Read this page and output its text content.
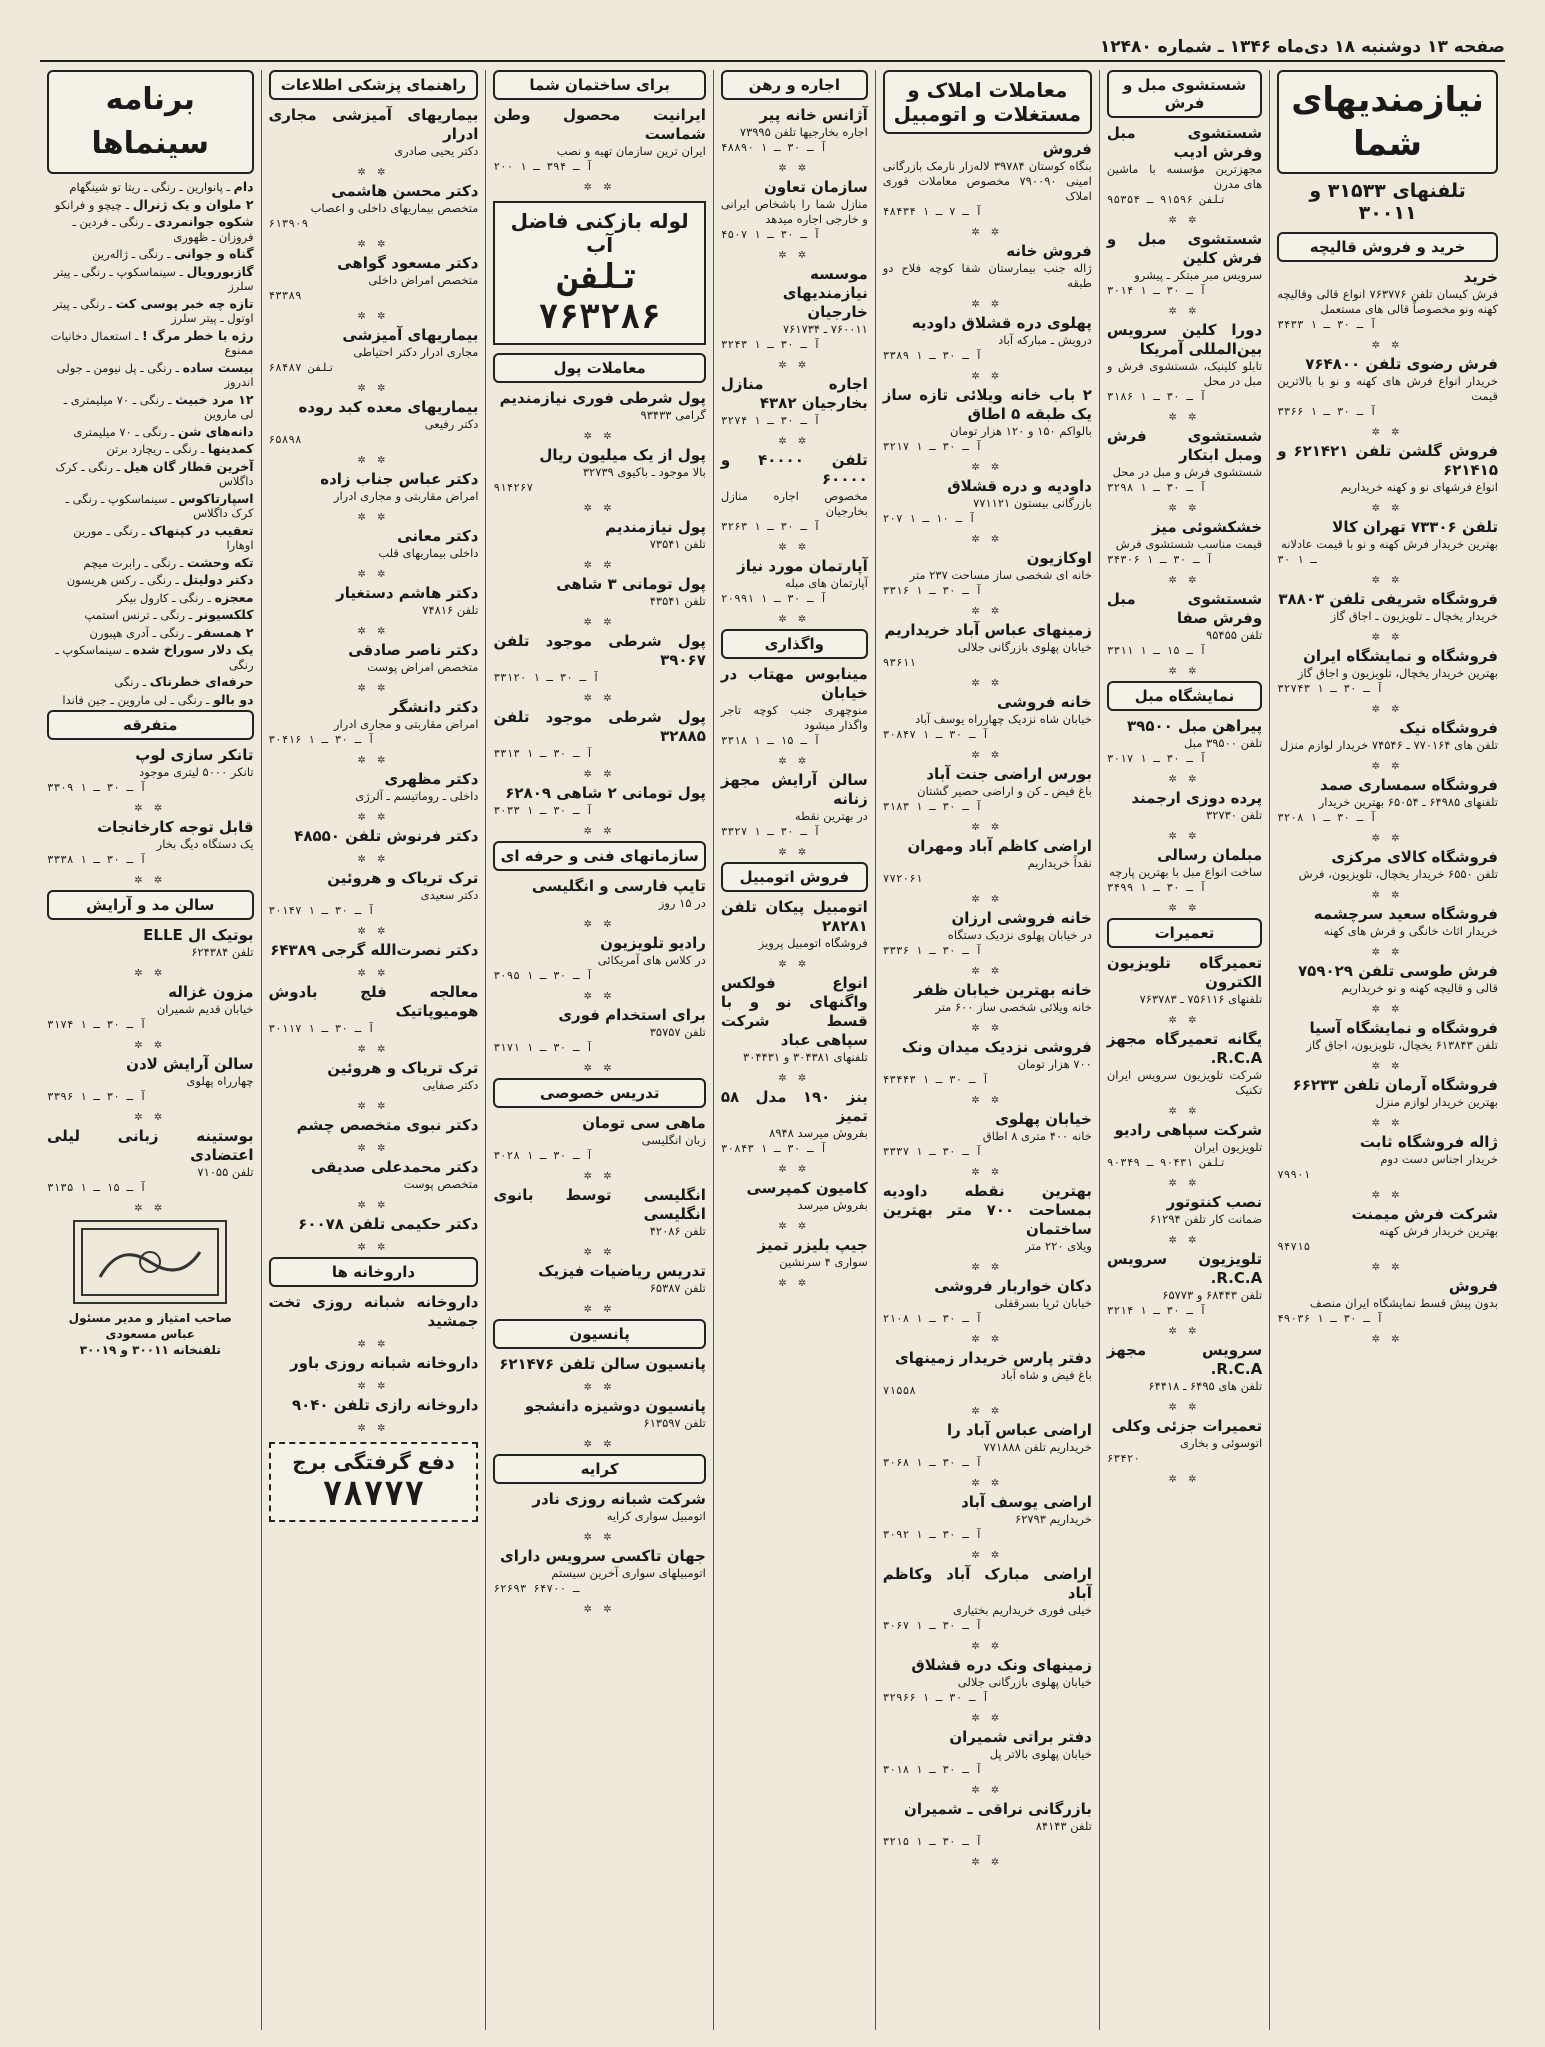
صفحه ۱۳ دوشنبه ۱۸ دی‌ماه ۱۳۴۶ ـ شماره ۱۲۴۸۰
نیازمندیهای شما
تلفنهای ۳۱۵۳۳ و ۳۰۰۱۱
خرید و فروش قالیچه
خرید
فرش کیسان تلفن ۷۶۳۷۷۶ انواع قالی وقالیچه کهنه ونو مخصوصاً قالی های مستعمل
۳۴۳۳ آ ـ ۳۰ ـ ۱
✲ ✲
فرش رضوی تلفن ۷۶۴۸۰۰
خریدار انواع فرش های کهنه و نو با بالاترین قیمت
۳۳۶۶ آ ـ ۳۰ ـ ۱
✲ ✲
فروش گلشن تلفن ۶۲۱۴۲۱ و ۶۲۱۴۱۵
انواع فرشهای نو و کهنه خریداریم
✲ ✲
تلفن ۷۳۳۰۶ تهران کالا
بهترین خریدار فرش کهنه و نو با قیمت عادلانه
۳۰ ـ ۱
✲ ✲
فروشگاه شریفی تلفن ۳۸۸۰۳
خریدار یخچال ـ تلویزیون ـ اجاق گاز
✲ ✲
فروشگاه و نمایشگاه ایران
بهترین خریدار یخچال، تلویزیون و اجاق گاز
۳۲۷۴۳ آ ـ ۳۰ ـ ۱
✲ ✲
فروشگاه نیک
تلفن های ۷۷۰۱۶۴ ـ ۷۴۵۴۶ خریدار لوازم منزل
✲ ✲
فروشگاه سمساری صمد
تلفنهای ۶۴۹۸۵ ـ ۶۵۰۵۴ بهترین خریدار
۳۲۰۸ آ ـ ۳۰ ـ ۱
✲ ✲
فروشگاه کالای مرکزی
تلفن ۶۵۵۰ خریدار یخچال، تلویزیون، فرش
✲ ✲
فروشگاه سعید سرچشمه
خریدار اثاث خانگی و فرش های کهنه
✲ ✲
فرش طوسی تلفن ۷۵۹۰۲۹
قالی و قالیچه کهنه و نو خریداریم
✲ ✲
فروشگاه و نمایشگاه آسیا
تلفن ۶۱۳۸۴۳ یخچال، تلویزیون، اجاق گاز
✲ ✲
فروشگاه آرمان تلفن ۶۶۲۳۳
بهترین خریدار لوازم منزل
✲ ✲
ژاله فروشگاه ثابت
خریدار اجناس دست دوم
۷۹۹۰۱
✲ ✲
شرکت فرش میمنت
بهترین خریدار فرش کهنه
۹۴۷۱۵
✲ ✲
فروش
بدون پیش قسط نمایشگاه ایران منصف
۴۹۰۳۶ آ ـ ۳۰ ـ ۱
✲ ✲
شستشوی مبل و فرش
شستشوی مبل وفرش ادیب
مجهزترین مؤسسه با ماشین های مدرن
تلفن ۹۱۵۹۶ ـ ۹۵۳۵۴
✲ ✲
شستشوی مبل و فرش کلین
سرویس مبر مبتکر ـ پیشرو
۳۰۱۴ آ ـ ۳۰ ـ ۱
✲ ✲
دورا کلین سرویس بین‌المللی آمریکا
تابلو کلینیک، شستشوی فرش و مبل در محل
۳۱۸۶ آ ـ ۳۰ ـ ۱
✲ ✲
شستشوی فرش ومبل ابتکار
شستشوی فرش و مبل در محل
۳۲۹۸ آ ـ ۳۰ ـ ۱
✲ ✲
خشکشوئی میز
قیمت مناسب شستشوی فرش
۳۴۳۰۶ آ ـ ۳۰ ـ ۱
✲ ✲
شستشوی مبل وفرش صفا
تلفن ۹۵۴۵۵
۳۳۱۱ آ ـ ۱۵ ـ ۱
✲ ✲
نمایشگاه مبل
پیراهن مبل ۳۹۵۰۰
تلفن ۳۹۵۰۰ مبل
۳۰۱۷ آ ـ ۳۰ ـ ۱
✲ ✲
پرده دوزی ارجمند
تلفن ۳۲۷۳۰
✲ ✲
مبلمان رسالی
ساخت انواع مبل با بهترین پارچه
۳۴۹۹ آ ـ ۳۰ ـ ۱
✲ ✲
تعمیرات
تعمیرگاه تلویزیون الکترون
تلفنهای ۷۵۶۱۱۶ ـ ۷۶۳۷۸۳
✲ ✲
یگانه تعمیرگاه مجهز R.C.A.
شرکت تلویزیون سرویس ایران تکنیک
✲ ✲
شرکت سپاهی رادیو
تلویزیون ایران
تلفن ۹۰۴۳۱ ـ ۹۰۳۴۹
✲ ✲
نصب کنتوتور
ضمانت کار تلفن ۶۱۲۹۴
✲ ✲
تلویزیون سرویس R.C.A.
تلفن ۶۸۴۴۳ و ۶۵۷۷۳
۳۲۱۴ آ ـ ۳۰ ـ ۱
✲ ✲
سرویس مجهز R.C.A.
تلفن های ۶۴۹۵ ـ ۶۴۴۱۸
✲ ✲
تعمیرات جزئی وکلی
اتوسوئی و بخاری
۶۳۴۲۰
✲ ✲
معاملات املاک و مستغلات و اتومبیل
فروش
بنگاه کوستان ۳۹۷۸۴ لاله‌زار نارمک بازرگانی امینی ۷۹۰۰۹۰ مخصوص معاملات فوری املاک
۴۸۴۳۴ آ ـ ۷ ـ ۱
✲ ✲
فروش خانه
ژاله جنب بیمارستان شفا کوچه فلاح دو طبقه
✲ ✲
پهلوی دره قشلاق داودیه
درویش ـ مبارکه آباد
۳۳۸۹ آ ـ ۳۰ ـ ۱
✲ ✲
۲ باب خانه ویلائی تازه ساز یک طبقه ۵ اطاق
بالواکم ۱۵۰ و ۱۲۰ هزار تومان
۳۲۱۷ آ ـ ۳۰ ـ ۱
✲ ✲
داودیه و دره قشلاق
بازرگانی بیستون ۷۷۱۱۲۱
۲۰۷ آ ـ ۱۰ ـ ۱
✲ ✲
اوکازیون
خانه ای شخصی ساز مساحت ۲۳۷ متر
۳۳۱۶ آ ـ ۳۰ ـ ۱
✲ ✲
زمینهای عباس آباد خریداریم
خیابان پهلوی بازرگانی جلالی
۹۳۶۱۱
✲ ✲
خانه فروشی
خیابان شاه نزدیک چهارراه یوسف آباد
۳۰۸۴۷ آ ـ ۳۰ ـ ۱
✲ ✲
بورس اراضی جنت آباد
باغ فیض ـ کن و اراضی حصیر گشتان
۳۱۸۳ آ ـ ۳۰ ـ ۱
✲ ✲
اراضی کاظم آباد ومهران
نقداً خریداریم
۷۷۲۰۶۱
✲ ✲
خانه فروشی ارزان
در خیابان پهلوی نزدیک دستگاه
۳۳۳۶ آ ـ ۳۰ ـ ۱
✲ ✲
خانه بهترین خیابان ظفر
خانه ویلائی شخصی ساز ۶۰۰ متر
✲ ✲
فروشی نزدیک میدان ونک
۷۰۰ هزار تومان
۴۳۴۴۳ آ ـ ۳۰ ـ ۱
✲ ✲
خیابان پهلوی
خانه ۴۰۰ متری ۸ اطاق
۳۳۳۷ آ ـ ۳۰ ـ ۱
✲ ✲
بهترین نقطه داودیه بمساحت ۷۰۰ متر بهترین ساختمان
ویلای ۲۲۰ متر
✲ ✲
دکان خواربار فروشی
خیابان ثریا بسرقفلی
۲۱۰۸ آ ـ ۳۰ ـ ۱
✲ ✲
دفتر پارس خریدار زمینهای
باغ فیض و شاه آباد
۷۱۵۵۸
✲ ✲
اراضی عباس آباد را
خریداریم تلفن ۷۷۱۸۸۸
۳۰۶۸ آ ـ ۳۰ ـ ۱
✲ ✲
اراضی یوسف آباد
خریداریم ۶۲۷۹۳
۳۰۹۲ آ ـ ۳۰ ـ ۱
✲ ✲
اراضی مبارک آباد وکاظم آباد
خیلی فوری خریداریم بختیاری
۳۰۶۷ آ ـ ۳۰ ـ ۱
✲ ✲
زمینهای ونک دره قشلاق
خیابان پهلوی بازرگانی جلالی
۳۲۹۶۶ آ ـ ۳۰ ـ ۱
✲ ✲
دفتر براتی شمیران
خیابان پهلوی بالاتر پل
۳۰۱۸ آ ـ ۳۰ ـ ۱
✲ ✲
بازرگانی نراقی ـ شمیران
تلفن ۸۴۱۴۳
۳۲۱۵ آ ـ ۳۰ ـ ۱
✲ ✲
اجاره و رهن
آژانس خانه پیر
اجاره بخارجیها تلفن ۷۳۹۹۵
۴۸۸۹۰ آ ـ ۳۰ ـ ۱
✲ ✲
سازمان تعاون
منازل شما را باشخاص ایرانی و خارجی اجاره میدهد
۴۵۰۷ آ ـ ۳۰ ـ ۱
✲ ✲
موسسه نیازمندیهای خارجیان
۷۶۰۰۱۱ ـ ۷۶۱۷۳۴
۳۲۴۳ آ ـ ۳۰ ـ ۱
✲ ✲
اجاره منازل بخارجیان ۴۳۸۲
۳۲۷۴ آ ـ ۳۰ ـ ۱
✲ ✲
تلفن ۴۰۰۰۰ و ۶۰۰۰۰
مخصوص اجاره منازل بخارجیان
۳۲۶۳ آ ـ ۳۰ ـ ۱
✲ ✲
آپارتمان مورد نیاز
آپارتمان های مبله
۲۰۹۹۱ آ ـ ۳۰ ـ ۱
✲ ✲
واگذاری
مینابوس مهتاب در خیابان
منوچهری جنب کوچه تاجر واگذار میشود
۳۳۱۸ آ ـ ۱۵ ـ ۱
✲ ✲
سالن آرایش مجهز زنانه
در بهترین نقطه
۳۳۲۷ آ ـ ۳۰ ـ ۱
✲ ✲
فروش اتومبیل
اتومبیل پیکان تلفن ۲۸۲۸۱
فروشگاه اتومبیل پرویز
✲ ✲
انواع فولکس واگنهای نو و با قسط شرکت سپاهی عباد
تلفنهای ۳۰۴۳۸۱ و ۳۰۴۴۳۱
✲ ✲
بنز ۱۹۰ مدل ۵۸ تمیز
بفروش میرسد ۸۹۴۸
۳۰۸۴۳ آ ـ ۳۰ ـ ۱
✲ ✲
کامیون کمپرسی
بفروش میرسد
✲ ✲
جیپ بلیزر تمیز
سواری ۴ سرنشین
✲ ✲
برای ساختمان شما
ایرانیت محصول وطن شماست
ایران ترین سازمان تهیه و نصب
۲۰۰ آ ـ ۳۹۴ ـ ۱
✲ ✲
لوله بازکنی فاضل آب
تلفن ۷۶۳۲۸۶
معاملات پول
پول شرطی فوری نیازمندیم
گرامی ۹۳۴۳۳
✲ ✲
پول از یک میلیون ریال
بالا موجود ـ باکیوی ۳۲۷۳۹
۹۱۴۲۶۷
✲ ✲
پول نیازمندیم
تلفن ۷۳۵۴۱
✲ ✲
پول تومانی ۳ شاهی
تلفن ۴۳۵۴۱
✲ ✲
پول شرطی موجود تلفن ۳۹۰۶۷
۳۳۱۲۰ آ ـ ۳۰ ـ ۱
✲ ✲
پول شرطی موجود تلفن ۳۲۸۸۵
۳۳۱۳ آ ـ ۳۰ ـ ۱
✲ ✲
پول تومانی ۲ شاهی ۶۲۸۰۹
۳۰۳۳ آ ـ ۳۰ ـ ۱
✲ ✲
سازمانهای فنی و حرفه ای
تایپ فارسی و انگلیسی
در ۱۵ روز
✲ ✲
رادیو تلویزیون
در کلاس های آمریکائی
۳۰۹۵ آ ـ ۳۰ ـ ۱
✲ ✲
برای استخدام فوری
تلفن ۳۵۷۵۷
۳۱۷۱ آ ـ ۳۰ ـ ۱
✲ ✲
تدریس خصوصی
ماهی سی تومان
زبان انگلیسی
۳۰۲۸ آ ـ ۳۰ ـ ۱
✲ ✲
انگلیسی توسط بانوی انگلیسی
تلفن ۴۲۰۸۶
✲ ✲
تدریس ریاضیات فیزیک
تلفن ۶۵۳۸۷
✲ ✲
پانسیون
پانسیون سالن تلفن ۶۲۱۴۷۶
✲ ✲
پانسیون دوشیزه دانشجو
تلفن ۶۱۳۵۹۷
✲ ✲
کرایه
شرکت شبانه روزی نادر
اتومبیل سواری کرایه
✲ ✲
جهان تاکسی سرویس دارای
اتومبیلهای سواری آخرین سیستم
۶۲۶۹۳ ـ ۶۴۷۰۰
✲ ✲
راهنمای پزشکی اطلاعات
بیماریهای آمیزشی مجاری ادرار
دکتر یحیی صادری
✲ ✲
دکتر محسن هاشمی
متخصص بیماریهای داخلی و اعصاب
۶۱۳۹۰۹
✲ ✲
دکتر مسعود گواهی
متخصص امراض داخلی
۴۳۳۸۹
✲ ✲
بیماریهای آمیزشی
مجاری ادرار دکتر احتیاطی
تلفن ۶۸۴۸۷
✲ ✲
بیماریهای معده کبد روده
دکتر رفیعی
۶۵۸۹۸
✲ ✲
دکتر عباس جناب زاده
امراض مقاربتی و مجاری ادرار
✲ ✲
دکتر معانی
داخلی بیماریهای قلب
✲ ✲
دکتر هاشم دستغیار
تلفن ۷۴۸۱۶
✲ ✲
دکتر ناصر صادقی
متخصص امراض پوست
✲ ✲
دکتر دانشگر
امراض مقاربتی و مجاری ادرار
۳۰۴۱۶ آ ـ ۳۰ ـ ۱
✲ ✲
دکتر مظهری
داخلی ـ روماتیسم ـ آلرژی
✲ ✲
دکتر فرنوش تلفن ۴۸۵۵۰
✲ ✲
ترک تریاک و هروئین
دکتر سعیدی
۳۰۱۴۷ آ ـ ۳۰ ـ ۱
✲ ✲
دکتر نصرت‌الله گرجی ۶۴۳۸۹
✲ ✲
معالجه فلج بادوش هومیوپاتیک
۳۰۱۱۷ آ ـ ۳۰ ـ ۱
✲ ✲
ترک تریاک و هروئین
دکتر صفایی
✲ ✲
دکتر نبوی متخصص چشم
✲ ✲
دکتر محمدعلی صدیقی
متخصص پوست
✲ ✲
دکتر حکیمی تلفن ۶۰۰۷۸
✲ ✲
داروخانه ها
داروخانه شبانه روزی تخت جمشید
✲ ✲
داروخانه شبانه روزی باور
✲ ✲
داروخانه رازی تلفن ۹۰۴۰
✲ ✲
دفع گرفتگی برج
۷۸۷۷۷
برنامه سینماها
دام ـ پانوارین ـ رنگی ـ ریتا تو شینگهام
۲ ملوان و یک ژنرال ـ چیچو و فرانکو
شکوه جوانمردی ـ رنگی ـ فردین ـ فروزان ـ ظهوری
گناه و جوانی ـ رنگی ـ ژاله‌رین
گازبورویال ـ سینماسکوپ ـ رنگی ـ پیتر سلرز
تازه چه خبر پوسی کت ـ رنگی ـ پیتر اوتول ـ پیتر سلرز
رژه با خطر مرگ ! ـ استعمال دخانیات ممنوع
بیست ساده ـ رنگی ـ پل نیومن ـ جولی اندروز
۱۲ مرد خبیث ـ رنگی ـ ۷۰ میلیمتری ـ لی ماروین
دانه‌های شن ـ رنگی ـ ۷۰ میلیمتری
کمدینها ـ رنگی ـ ریچارد برتن
آخرین قطار گان هیل ـ رنگی ـ کرک داگلاس
اسپارتاکوس ـ سینماسکوپ ـ رنگی ـ کرک داگلاس
تعقیب در کپنهاک ـ رنگی ـ مورین اوهارا
تکه وحشت ـ رنگی ـ رابرت میچم
دکتر دولیتل ـ رنگی ـ رکس هریسون
معجزه ـ رنگی ـ کارول بیکر
کلکسیونر ـ رنگی ـ ترنس استمپ
۲ همسفر ـ رنگی ـ آدری هپبورن
یک دلار سوراخ شده ـ سینماسکوپ ـ رنگی
حرفه‌ای خطرناک ـ رنگی
دو بالو ـ رنگی ـ لی ماروین ـ جین فاندا
متفرقه
تانکر سازی لوپ
تانکر ۵۰۰۰ لیتری موجود
۳۳۰۹ آ ـ ۳۰ ـ ۱
✲ ✲
قابل توجه کارخانجات
یک دستگاه دیگ بخار
۳۳۳۸ آ ـ ۳۰ ـ ۱
✲ ✲
سالن مد و آرایش
بوتیک ال ELLE
تلفن ۶۲۴۳۸۴
✲ ✲
مزون غزاله
خیابان قدیم شمیران
۳۱۷۴ آ ـ ۳۰ ـ ۱
✲ ✲
سالن آرایش لادن
چهارراه پهلوی
۳۳۹۶ آ ـ ۳۰ ـ ۱
✲ ✲
بوستینه زبانی لیلی اعتضادی
تلفن ۷۱۰۵۵
۳۱۳۵ آ ـ ۱۵ ـ ۱
✲ ✲
صاحب امتیاز و مدیر مسئول
عباس مسعودی
تلفنخانه ۳۰۰۱۱ و ۳۰۰۱۹
